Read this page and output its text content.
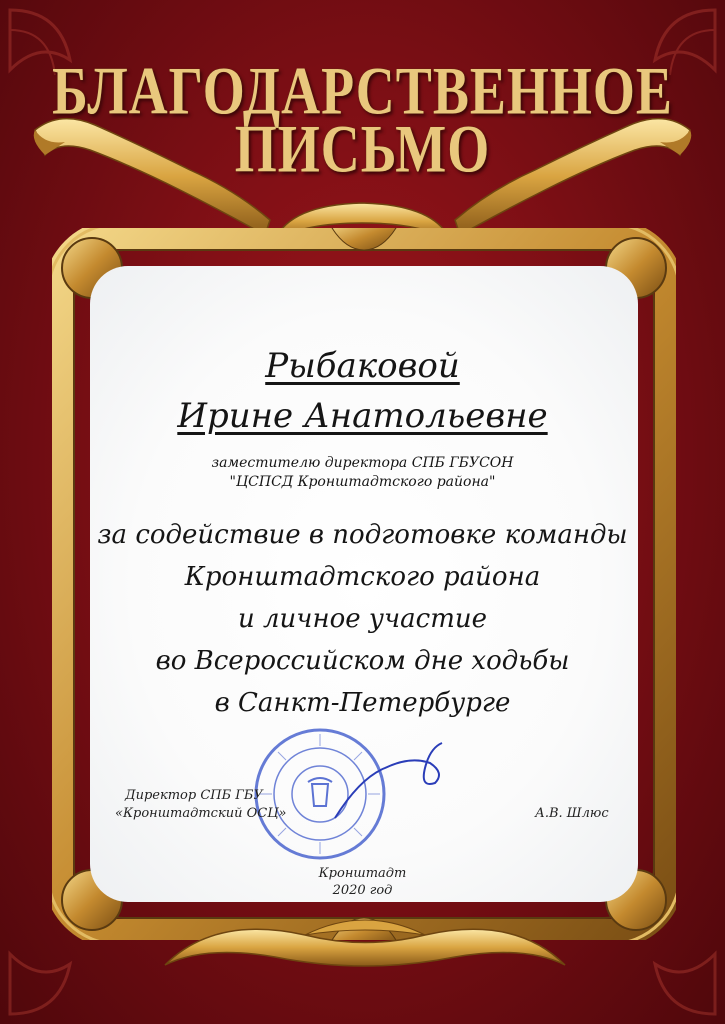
БЛАГОДАРСТВЕННОЕ
ПИСЬМО
Рыбаковой
Ирине Анатольевне
заместителю директора СПБ ГБУСОН
"ЦСПСД Кронштадтского района"
за содействие в подготовке команды
Кронштадтского района
и личное участие
во Всероссийском дне ходьбы
в Санкт-Петербурге
Директор СПБ ГБУ
«Кронштадтский ОСЦ»	А.В. Шлюс
Кронштадт
2020 год
